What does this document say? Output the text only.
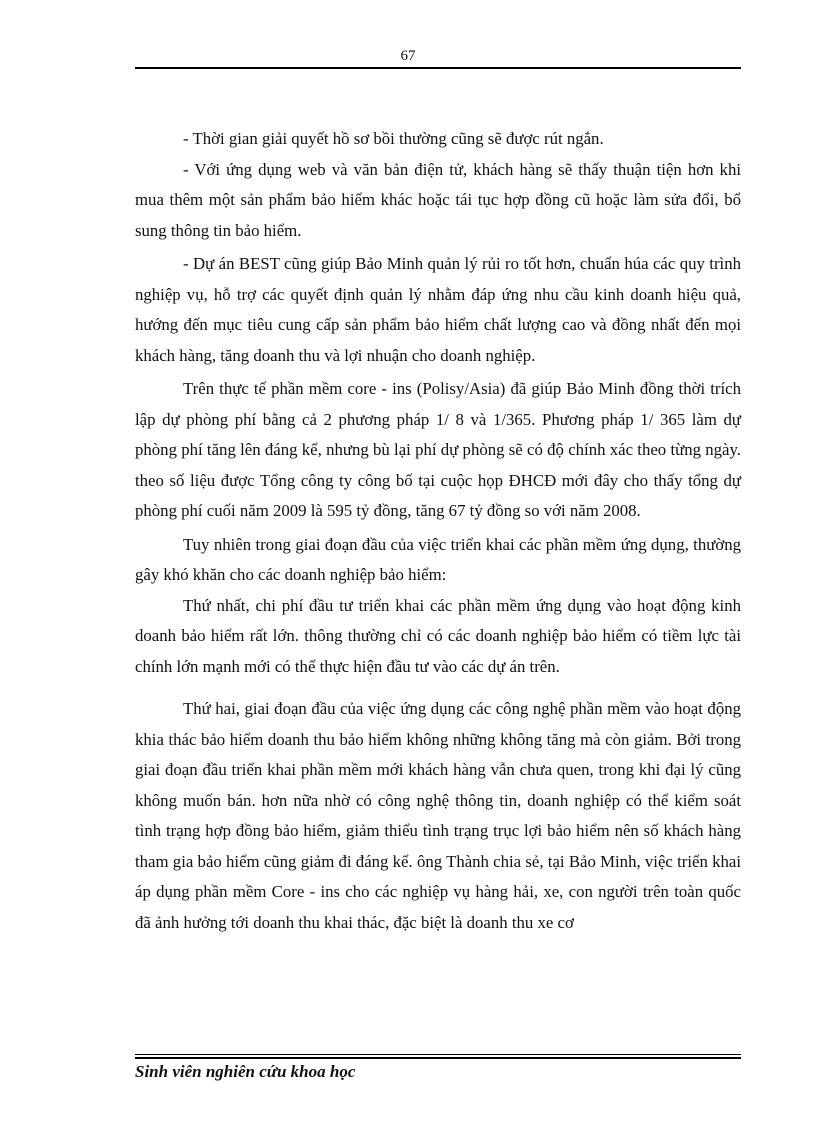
67

- Thời gian giải quyết hồ sơ bồi thường cũng sẽ được rút ngắn.

- Với ứng dụng web và văn bản điện tử, khách hàng sẽ thấy thuận tiện hơn khi mua thêm một sản phẩm bảo hiểm khác hoặc tái tục hợp đồng cũ hoặc làm sửa đổi, bổ sung thông tin bảo hiểm.

- Dự án BEST cũng giúp Bảo Minh quản lý rủi ro tốt hơn, chuẩn húa các quy trình nghiệp vụ, hỗ trợ các quyết định quản lý nhằm đáp ứng nhu cầu kinh doanh hiệu quả, hướng đến mục tiêu cung cấp sản phẩm bảo hiểm chất lượng cao và đồng nhất đến mọi khách hàng, tăng doanh thu và lợi nhuận cho doanh nghiệp.

Trên thực tế phần mềm core - ins (Polisy/Asia) đã giúp Bảo Minh đồng thời trích lập dự phòng phí bằng cả 2 phương pháp 1/ 8 và 1/365. Phương pháp 1/ 365 làm dự phòng phí tăng lên đáng kể, nhưng bù lại phí dự phòng sẽ có độ chính xác theo từng ngày. theo số liệu được Tổng công ty công bố tại cuộc họp ĐHCĐ mới đây cho thấy tổng dự phòng phí cuối năm 2009 là 595 tỷ đồng, tăng 67 tỷ đồng so với năm 2008.

Tuy nhiên trong giai đoạn đầu của việc triển khai các phần mềm ứng dụng, thường gây khó khăn cho các doanh nghiệp bảo hiểm:

Thứ nhất, chi phí đầu tư triển khai các phần mềm ứng dụng vào hoạt động kinh doanh bảo hiểm rất lớn. thông thường chỉ có các doanh nghiệp bảo hiểm có tiềm lực tài chính lớn mạnh mới có thể thực hiện đầu tư vào các dự án trên.

Thứ hai, giai đoạn đầu của việc ứng dụng các công nghệ phần mềm vào hoạt động khia thác bảo hiểm doanh thu bảo hiểm không những không tăng mà còn giảm. Bởi trong giai đoạn đầu triển khai phần mềm mới khách hàng vẫn chưa quen, trong khi đại lý cũng không muốn bán. hơn nữa nhờ có công nghệ thông tin, doanh nghiệp có thể kiểm soát tình trạng hợp đồng bảo hiểm, giảm thiểu tình trạng trục lợi bảo hiểm nên số khách hàng tham gia bảo hiểm cũng giảm đi đáng kể. ông Thành chia sẻ, tại Bảo Minh, việc triển khai áp dụng phần mềm Core - ins cho các nghiệp vụ hàng hải, xe, con người trên toàn quốc đã ảnh hưởng tới doanh thu khai thác, đặc biệt là doanh thu xe cơ

Sinh viên nghiên cứu khoa học
